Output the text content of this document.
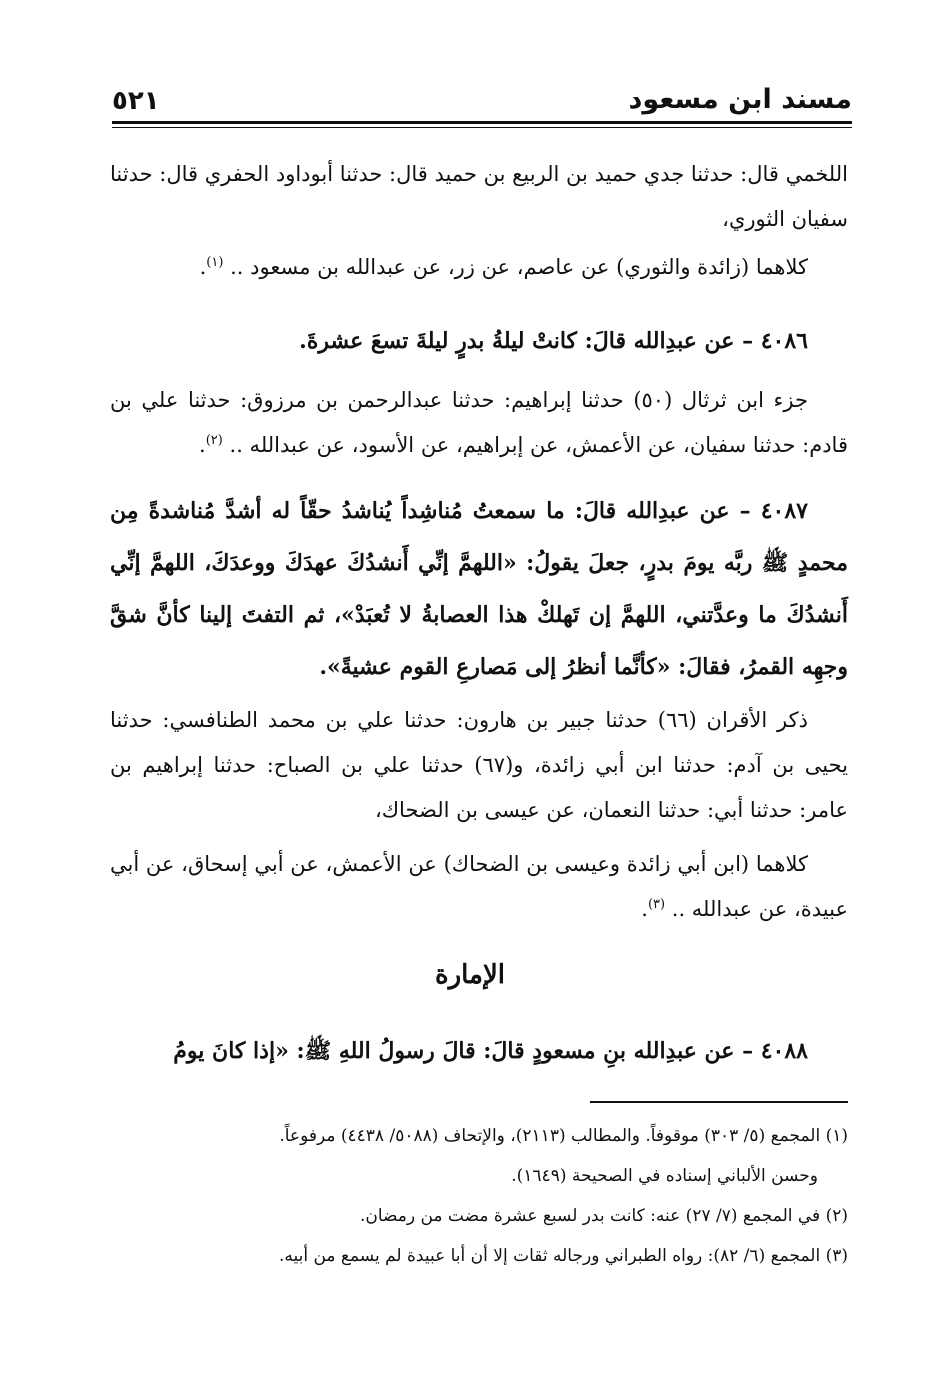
مسند ابن مسعود
٥٢١
اللخمي قال: حدثنا جدي حميد بن الربيع بن حميد قال: حدثنا أبوداود الحفري قال: حدثنا سفيان الثوري،
كلاهما (زائدة والثوري) عن عاصم، عن زر، عن عبدالله بن مسعود .. $^{(١)}$.
٤٠٨٦ – عن عبدِالله قالَ: كانتْ ليلةُ بدرٍ ليلةَ تسعَ عشرةَ.
جزء ابن ثرثال (٥٠) حدثنا إبراهيم: حدثنا عبدالرحمن بن مرزوق: حدثنا علي بن قادم: حدثنا سفيان، عن الأعمش، عن إبراهيم، عن الأسود، عن عبدالله .. $^{(٢)}$.
٤٠٨٧ – عن عبدِالله قالَ: ما سمعتُ مُناشِداً يُناشدُ حقّاً له أشدَّ مُناشدةً مِن محمدٍ ﷺ ربَّه يومَ بدرٍ، جعلَ يقولُ: «اللهمَّ إنِّي أَنشدُكَ عهدَكَ ووعدَكَ، اللهمَّ إنِّي أَنشدُكَ ما وعدَّتني، اللهمَّ إن تَهلكْ هذا العصابةُ لا تُعبَدْ»، ثم التفتَ إلينا كأنَّ شقَّ وجهِه القمرُ، فقالَ: «كأنَّما أنظرُ إلى مَصارعِ القوم عشيةً».
ذكر الأقران (٦٦) حدثنا جبير بن هارون: حدثنا علي بن محمد الطنافسي: حدثنا يحيى بن آدم: حدثنا ابن أبي زائدة، و(٦٧) حدثنا علي بن الصباح: حدثنا إبراهيم بن عامر: حدثنا أبي: حدثنا النعمان، عن عيسى بن الضحاك،
كلاهما (ابن أبي زائدة وعيسى بن الضحاك) عن الأعمش، عن أبي إسحاق، عن أبي عبيدة، عن عبدالله .. $^{(٣)}$.
الإمارة
٤٠٨٨ – عن عبدِالله بنِ مسعودٍ قالَ: قالَ رسولُ اللهِ ﷺ: «إذا كانَ يومُ
(١) المجمع (٥/ ٣٠٣) موقوفاً. والمطالب (٢١١٣)، والإتحاف (٥٠٨٨/ ٤٤٣٨) مرفوعاً.
وحسن الألباني إسناده في الصحيحة (١٦٤٩).
(٢) في المجمع (٧/ ٢٧) عنه: كانت بدر لسبع عشرة مضت من رمضان.
(٣) المجمع (٦/ ٨٢): رواه الطبراني ورجاله ثقات إلا أن أبا عبيدة لم يسمع من أبيه.
